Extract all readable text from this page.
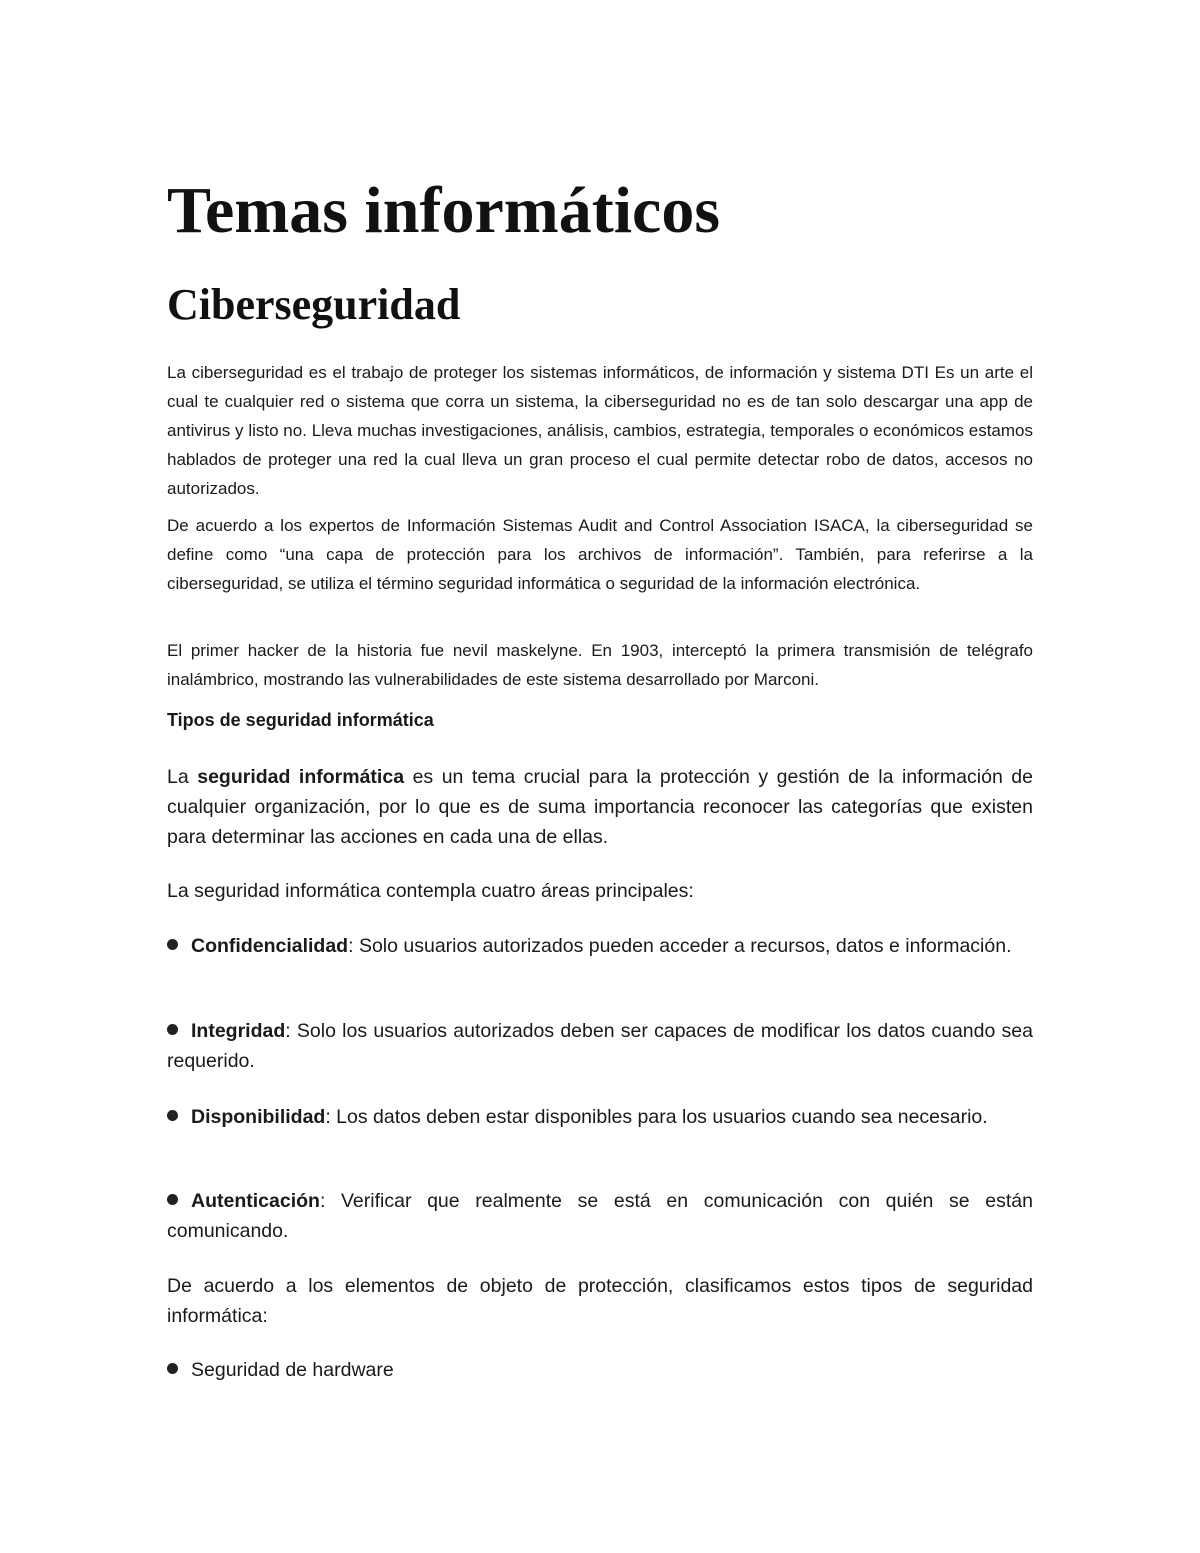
Temas informáticos
Ciberseguridad

La ciberseguridad es el trabajo de proteger los sistemas informáticos, de información y sistema DTI Es un arte el cual te cualquier red o sistema que corra un sistema, la ciberseguridad no es de tan solo descargar una app de antivirus y listo no. Lleva muchas investigaciones, análisis, cambios, estrategia, temporales o económicos estamos hablados de proteger una red la cual lleva un gran proceso el cual permite detectar robo de datos, accesos no autorizados.

De acuerdo a los expertos de Información Sistemas Audit and Control Association ISACA, la ciberseguridad se define como “una capa de protección para los archivos de información”. También, para referirse a la ciberseguridad, se utiliza el término seguridad informática o seguridad de la información electrónica.

El primer hacker de la historia fue nevil maskelyne. En 1903, interceptó la primera transmisión de telégrafo inalámbrico, mostrando las vulnerabilidades de este sistema desarrollado por Marconi.

Tipos de seguridad informática

La seguridad informática es un tema crucial para la protección y gestión de la información de cualquier organización, por lo que es de suma importancia reconocer las categorías que existen para determinar las acciones en cada una de ellas.

La seguridad informática contempla cuatro áreas principales:

Confidencialidad: Solo usuarios autorizados pueden acceder a recursos, datos e información.

Integridad: Solo los usuarios autorizados deben ser capaces de modificar los datos cuando sea requerido.

Disponibilidad: Los datos deben estar disponibles para los usuarios cuando sea necesario.

Autenticación: Verificar que realmente se está en comunicación con quién se están comunicando.

De acuerdo a los elementos de objeto de protección, clasificamos estos tipos de seguridad informática:

Seguridad de hardware
